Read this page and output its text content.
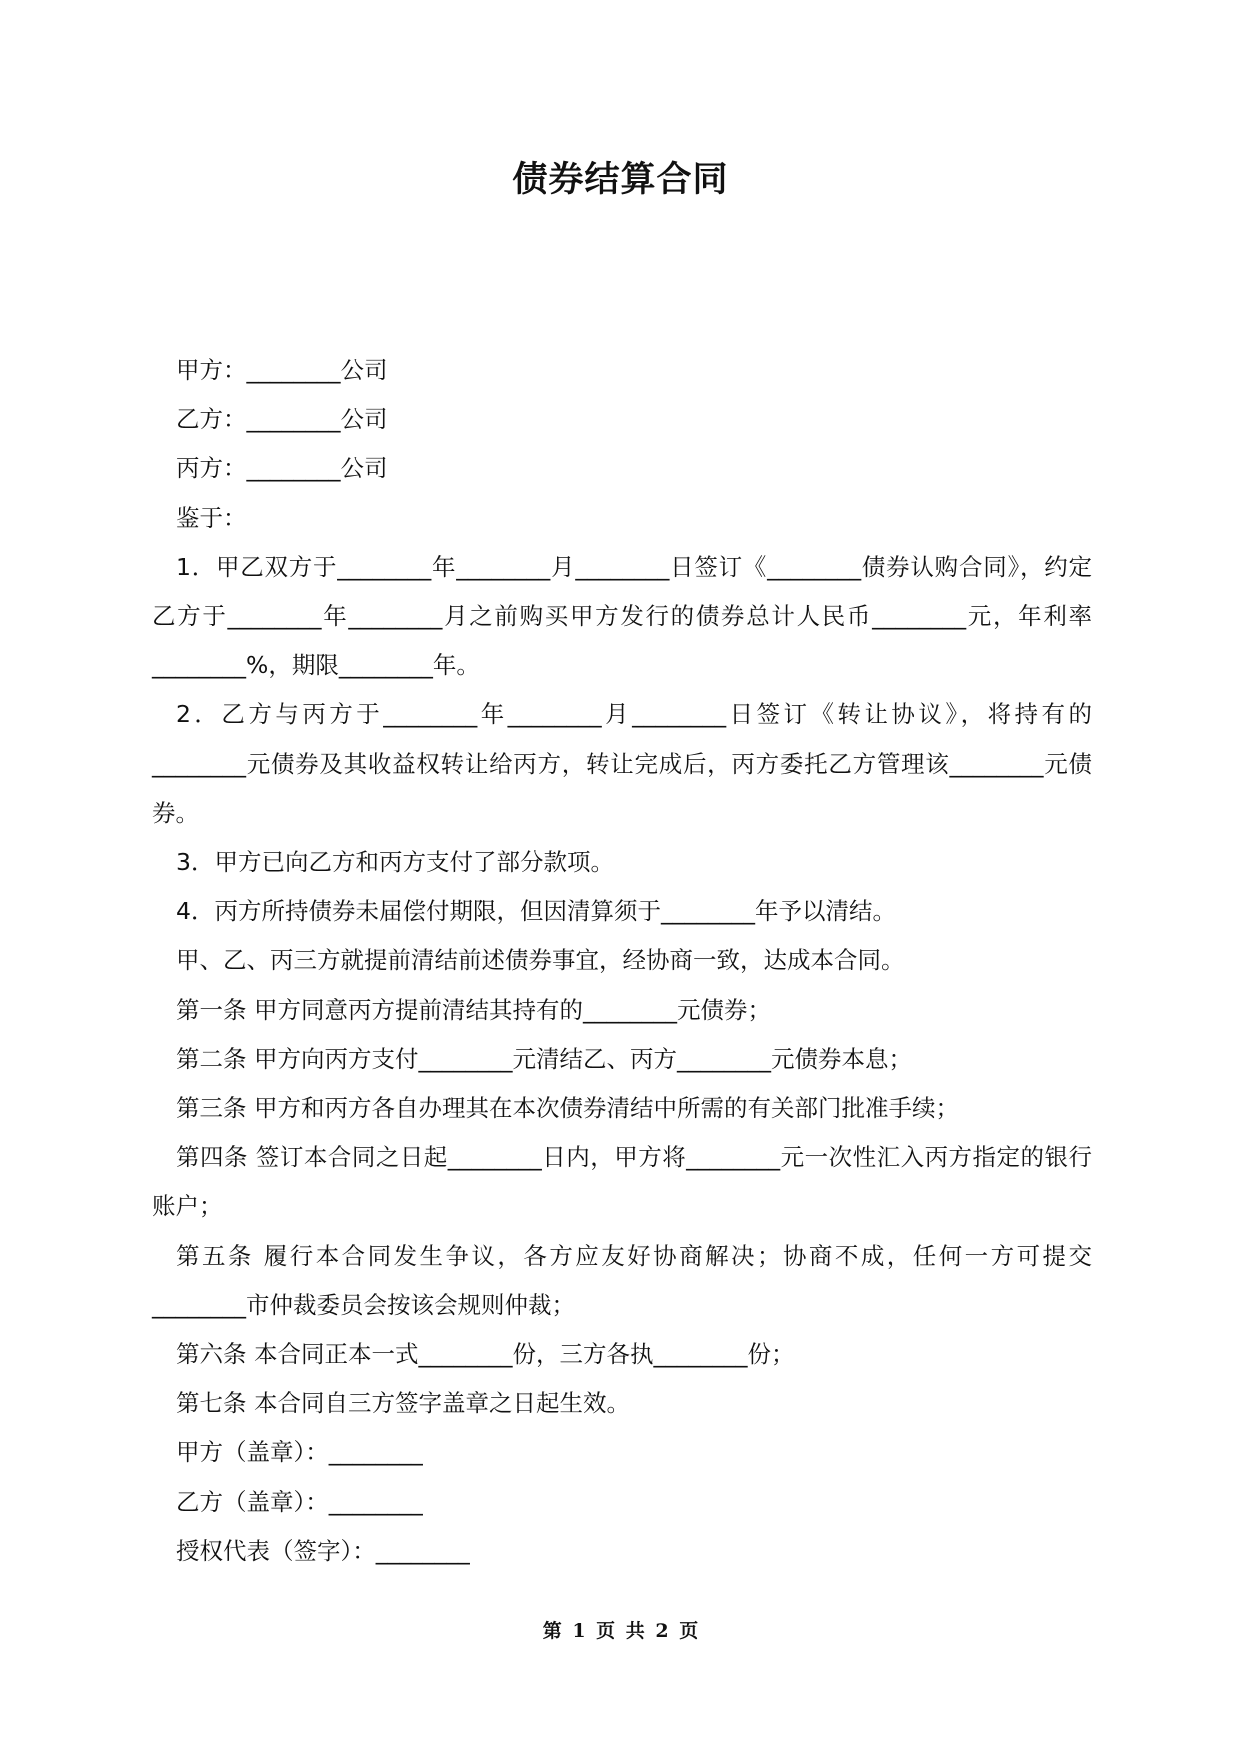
债券结算合同

甲方：________公司

乙方：________公司

丙方：________公司

鉴于：

1．甲乙双方于________年________月________日签订《________债券认购合同》，约定乙方于________年________月之前购买甲方发行的债券总计人民币________元，年利率________%，期限________年。

2．乙方与丙方于________年________月________日签订《转让协议》，将持有的________元债券及其收益权转让给丙方，转让完成后，丙方委托乙方管理该________元债券。

3．甲方已向乙方和丙方支付了部分款项。

4．丙方所持债券未届偿付期限，但因清算须于________年予以清结。

甲、乙、丙三方就提前清结前述债券事宜，经协商一致，达成本合同。

第一条 甲方同意丙方提前清结其持有的________元债券；

第二条 甲方向丙方支付________元清结乙、丙方________元债券本息；

第三条 甲方和丙方各自办理其在本次债券清结中所需的有关部门批准手续；

第四条 签订本合同之日起________日内，甲方将________元一次性汇入丙方指定的银行账户；

第五条 履行本合同发生争议，各方应友好协商解决；协商不成，任何一方可提交________市仲裁委员会按该会规则仲裁；

第六条 本合同正本一式________份，三方各执________份；

第七条 本合同自三方签字盖章之日起生效。

甲方（盖章）：________

乙方（盖章）：________

授权代表（签字）：________

第 1 页 共 2 页
